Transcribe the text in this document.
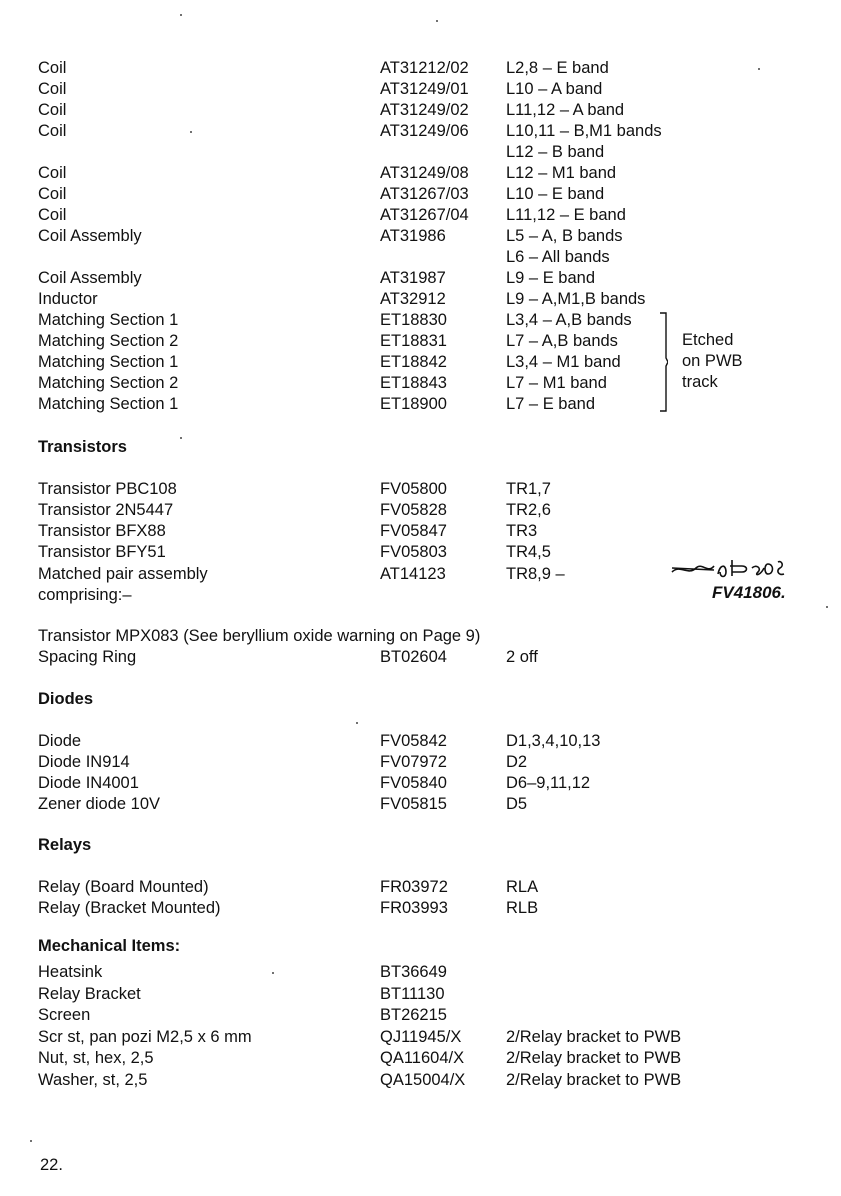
Coil	AT31212/02 L2,8 – E band
Coil	AT31249/01 L10 – A band
Coil	AT31249/02 L11,12 – A band
Coil	AT31249/06 L10,11 – B,M1 bands
L12 – B band
Coil	AT31249/08 L12 – M1 band
Coil	AT31267/03 L10 – E band
Coil	AT31267/04 L11,12 – E band
Coil Assembly	AT31986	L5 – A, B bands
L6 – All bands
Coil Assembly	AT31987	L9 – E band
Inductor	AT32912	L9 – A,M1,B bands
Matching Section 1	ET18830	L3,4 – A,B bands
Matching Section 2	ET18831	L7 – A,B bands
Matching Section 1	ET18842	L3,4 – M1 band
Matching Section 2	ET18843	L7 – M1 band
Matching Section 1	ET18900	L7 – E band
Etched
on PWB
track
Transistors
Transistor PBC108	FV05800	TR1,7
Transistor 2N5447	FV05828	TR2,6
Transistor BFX88	FV05847	TR3
Transistor BFY51	FV05803	TR4,5
Matched pair assembly	AT14123	TR8,9 –
comprising:–	FV41806.
Transistor MPX083 (See beryllium oxide warning on Page 9)
Spacing Ring	BT02604	2 off
Diodes
Diode	FV05842	D1,3,4,10,13
Diode IN914	FV07972	D2
Diode IN4001	FV05840	D6–9,11,12
Zener diode 10V	FV05815	D5
Relays
Relay (Board Mounted)	FR03972	RLA
Relay (Bracket Mounted)	FR03993	RLB
Mechanical Items:
Heatsink	BT36649
Relay Bracket	BT11130
Screen	BT26215
Scr st, pan pozi M2,5 x 6 mm	QJ11945/X	2/Relay bracket to PWB
Nut, st, hex, 2,5	QA11604/X	2/Relay bracket to PWB
Washer, st, 2,5	QA15004/X 2/Relay bracket to PWB
22.
